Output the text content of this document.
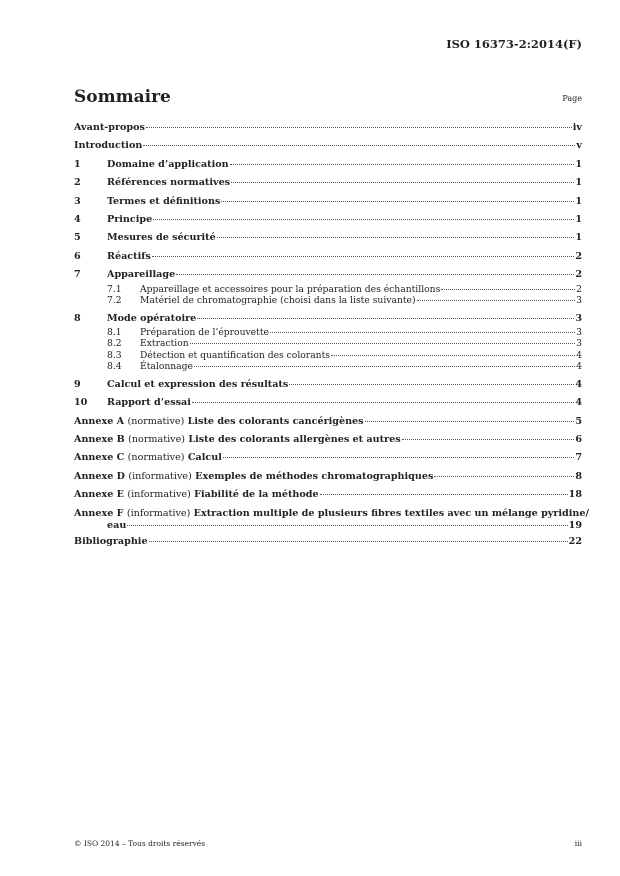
ISO 16373-2:2014(F)
Sommaire	Page
Avant-propos	iv
Introduction	v
1	Domaine d’application	1
2	Références normatives	1
3	Termes et définitions	1
4	Principe	1
5	Mesures de sécurité	1
6	Réactifs	2
7	Appareillage	2
7.1	Appareillage et accessoires pour la préparation des échantillons	2
7.2	Matériel de chromatographie (choisi dans la liste suivante)	3
8	Mode opératoire	3
8.1	Préparation de l’éprouvette	3
8.2	Extraction	3
8.3	Détection et quantification des colorants	4
8.4	Étalonnage	4
9	Calcul et expression des résultats	4
10	Rapport d’essai	4
Annexe A (normative) Liste des colorants cancérigènes	5
Annexe B (normative) Liste des colorants allergènes et autres	6
Annexe C (normative) Calcul	7
Annexe D (informative) Exemples de méthodes chromatographiques	8
Annexe E (informative) Fiabilité de la méthode	18
Annexe F (informative) Extraction multiple de plusieurs fibres textiles avec un mélange pyridine/
eau	19
Bibliographie	22
© ISO 2014 – Tous droits réservés	iii
